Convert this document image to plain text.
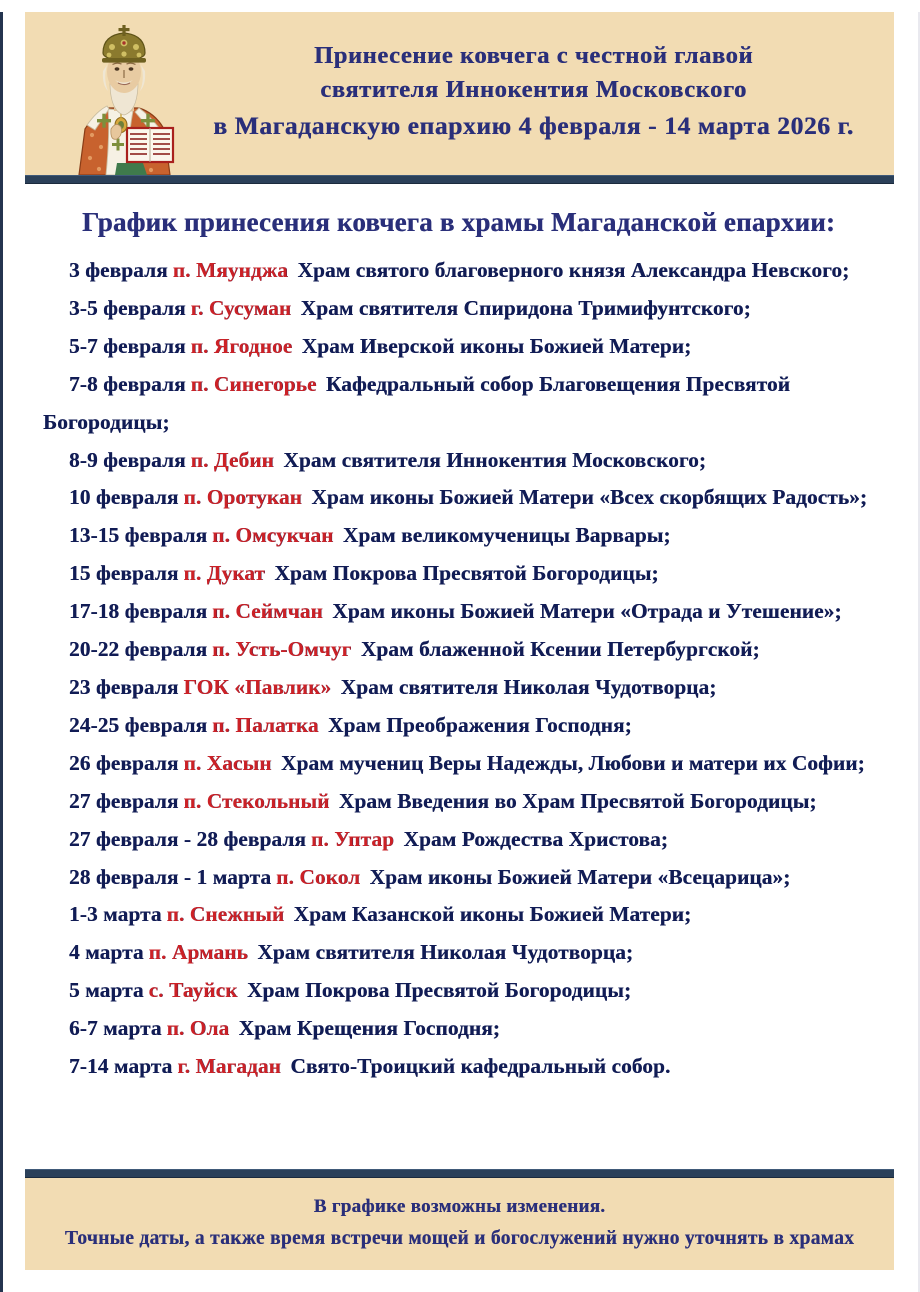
Принесение ковчега с честной главой
святителя Иннокентия Московского
в Магаданскую епархию 4 февраля - 14 марта 2026 г.
График принесения ковчега в храмы Магаданской епархии:
3 февраля п. Мяунджа Храм святого благоверного князя Александра Невского;
3-5 февраля г. Сусуман Храм святителя Спиридона Тримифунтского;
5-7 февраля п. Ягодное Храм Иверской иконы Божией Матери;
7-8 февраля п. Синегорье Кафедральный собор Благовещения Пресвятой Богородицы;
8-9 февраля п. Дебин Храм святителя Иннокентия Московского;
10 февраля п. Оротукан Храм иконы Божией Матери «Всех скорбящих Радость»;
13-15 февраля п. Омсукчан Храм великомученицы Варвары;
15 февраля п. Дукат Храм Покрова Пресвятой Богородицы;
17-18 февраля п. Сеймчан Храм иконы Божией Матери «Отрада и Утешение»;
20-22 февраля п. Усть-Омчуг Храм блаженной Ксении Петербургской;
23 февраля ГОК «Павлик» Храм святителя Николая Чудотворца;
24-25 февраля п. Палатка Храм Преображения Господня;
26 февраля п. Хасын Храм мучениц Веры Надежды, Любови и матери их Софии;
27 февраля п. Стекольный Храм Введения во Храм Пресвятой Богородицы;
27 февраля - 28 февраля п. Уптар Храм Рождества Христова;
28 февраля - 1 марта п. Сокол Храм иконы Божией Матери «Всецарица»;
1-3 марта п. Снежный Храм Казанской иконы Божией Матери;
4 марта п. Армань Храм святителя Николая Чудотворца;
5 марта с. Тауйск Храм Покрова Пресвятой Богородицы;
6-7 марта п. Ола Храм Крещения Господня;
7-14 марта г. Магадан Свято-Троицкий кафедральный собор.
В графике возможны изменения.
Точные даты, а также время встречи мощей и богослужений нужно уточнять в храмах
